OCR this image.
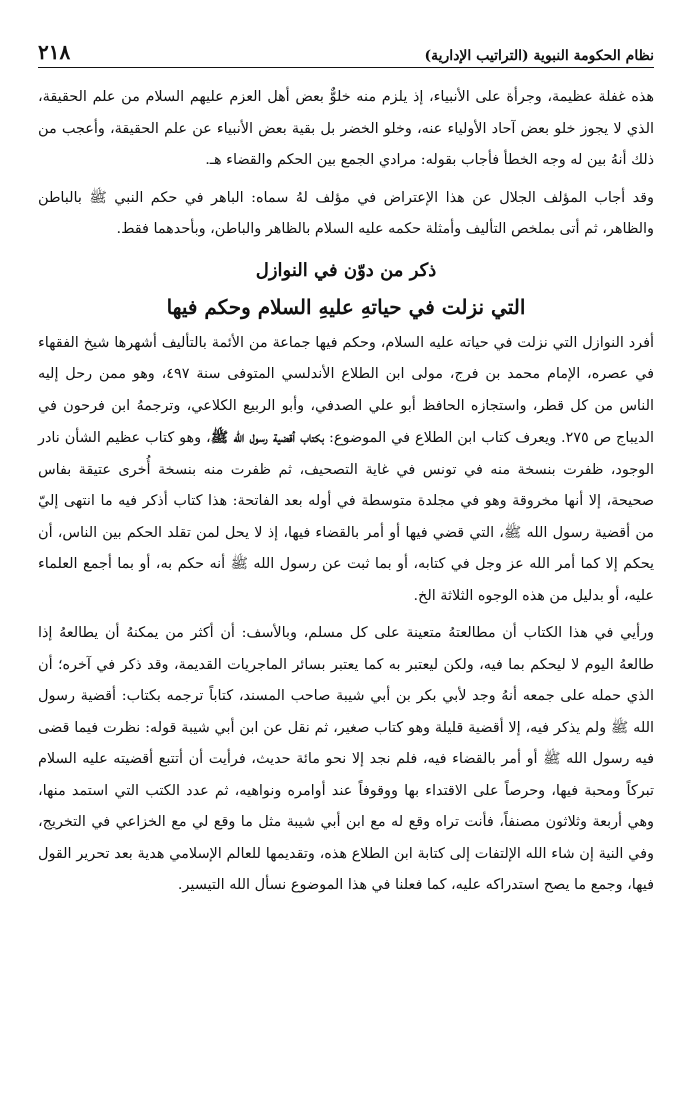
نظام الحكومة النبوية (التراتيب الإدارية)
٢١٨

هذه غفلة عظيمة، وجرأة على الأنبياء، إذ يلزم منه خلوٌّ بعض أهل العزم عليهم السلام من علم الحقيقة، الذي لا يجوز خلو بعض آحاد الأولياء عنه، وخلو الخضر بل بقية بعض الأنبياء عن علم الحقيقة، وأعجب من ذلك أنهُ بين له وجه الخطأ فأجاب بقوله: مرادي الجمع بين الحكم والقضاء هـ.

وقد أجاب المؤلف الجلال عن هذا الإعتراض في مؤلف لهُ سماه: الباهر في حكم النبي ﷺ بالباطن والظاهر، ثم أتى بملخص التأليف وأمثلة حكمه عليه السلام بالظاهر والباطن، وبأحدهما فقط.

ذكر من دوّن في النوازل
التي نزلت في حياتهِ عليهِ السلام وحكم فيها

أفرد النوازل التي نزلت في حياته عليه السلام، وحكم فيها جماعة من الأئمة بالتأليف أشهرها شيخ الفقهاء في عصره، الإمام محمد بن فرج، مولى ابن الطلاع الأندلسي المتوفى سنة ٤٩٧، وهو ممن رحل إليه الناس من كل قطر، واستجازه الحافظ أبو علي الصدفي، وأبو الربيع الكلاعي، وترجمهُ ابن فرحون في الديباج ص ٢٧٥. ويعرف كتاب ابن الطلاع في الموضوع: بكتاب أقضية رسول الله ﷺ، وهو كتاب عظيم الشأن نادر الوجود، ظفرت بنسخة منه في تونس في غاية التصحيف، ثم ظفرت منه بنسخة أُخرى عتيقة بفاس صحيحة، إلا أنها مخروقة وهو في مجلدة متوسطة في أوله بعد الفاتحة: هذا كتاب أذكر فيه ما انتهى إليّ من أقضية رسول الله ﷺ، التي قضي فيها أو أمر بالقضاء فيها، إذ لا يحل لمن تقلد الحكم بين الناس، أن يحكم إلا كما أمر الله عز وجل في كتابه، أو بما ثبت عن رسول الله ﷺ أنه حكم به، أو بما أجمع العلماء عليه، أو بدليل من هذه الوجوه الثلاثة الخ.

ورأيي في هذا الكتاب أن مطالعتهُ متعينة على كل مسلم، وبالأسف: أن أكثر من يمكنهُ أن يطالعهُ إذا طالعهُ اليوم لا ليحكم بما فيه، ولكن ليعتبر به كما يعتبر بسائر الماجريات القديمة، وقد ذكر في آخره؛ أن الذي حمله على جمعه أنهُ وجد لأبي بكر بن أبي شيبة صاحب المسند، كتاباً ترجمه بكتاب: أقضية رسول الله ﷺ ولم يذكر فيه، إلا أقضية قليلة وهو كتاب صغير، ثم نقل عن ابن أبي شيبة قوله: نظرت فيما قضى فيه رسول الله ﷺ أو أمر بالقضاء فيه، فلم نجد إلا نحو مائة حديث، فرأيت أن أتتبع أقضيته عليه السلام تبركاً ومحبة فيها، وحرصاً على الاقتداء بها ووقوفاً عند أوامره ونواهيه، ثم عدد الكتب التي استمد منها، وهي أربعة وثلاثون مصنفاً، فأنت تراه وقع له مع ابن أبي شيبة مثل ما وقع لي مع الخزاعي في التخريج، وفي النية إن شاء الله الإلتفات إلى كتابة ابن الطلاع هذه، وتقديمها للعالم الإسلامي هدية بعد تحرير القول فيها، وجمع ما يصح استدراكه عليه، كما فعلنا في هذا الموضوع نسأل الله التيسير.
